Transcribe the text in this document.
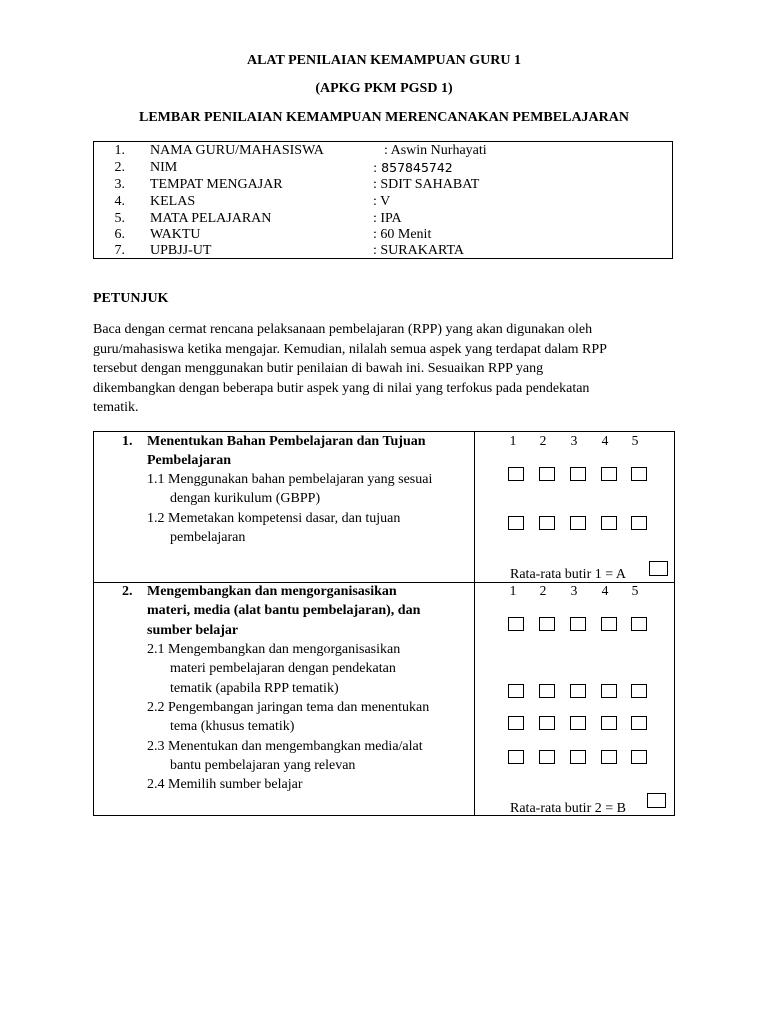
ALAT PENILAIAN KEMAMPUAN GURU 1
(APKG PKM PGSD 1)
LEMBAR PENILAIAN KEMAMPUAN MERENCANAKAN PEMBELAJARAN
1. NAMA GURU/MAHASISWA	: Aswin Nurhayati
2. NIM	: 857845742
3. TEMPAT MENGAJAR	: SDIT SAHABAT
4. KELAS	: V
5. MATA PELAJARAN	: IPA
6. WAKTU	: 60 Menit
7. UPBJJ-UT	: SURAKARTA
PETUNJUK
Baca dengan cermat rencana pelaksanaan pembelajaran (RPP) yang akan digunakan oleh
guru/mahasiswa ketika mengajar. Kemudian, nilalah semua aspek yang terdapat dalam RPP
tersebut dengan menggunakan butir penilaian di bawah ini. Sesuaikan RPP yang
dikembangkan dengan beberapa butir aspek yang di nilai yang terfokus pada pendekatan
tematik.
1. Menentukan Bahan Pembelajaran dan Tujuan
Pembelajaran
1.1 Menggunakan bahan pembelajaran yang sesuai
dengan kurikulum (GBPP)
1.2 Memetakan kompetensi dasar, dan tujuan
pembelajaran
1 2 3 4 5
Rata-rata butir 1 = A
2. Mengembangkan dan mengorganisasikan
materi, media (alat bantu pembelajaran), dan
sumber belajar
2.1 Mengembangkan dan mengorganisasikan
materi pembelajaran dengan pendekatan
tematik (apabila RPP tematik)
2.2 Pengembangan jaringan tema dan menentukan
tema (khusus tematik)
2.3 Menentukan dan mengembangkan media/alat
bantu pembelajaran yang relevan
2.4 Memilih sumber belajar
1 2 3 4 5
Rata-rata butir 2 = B
